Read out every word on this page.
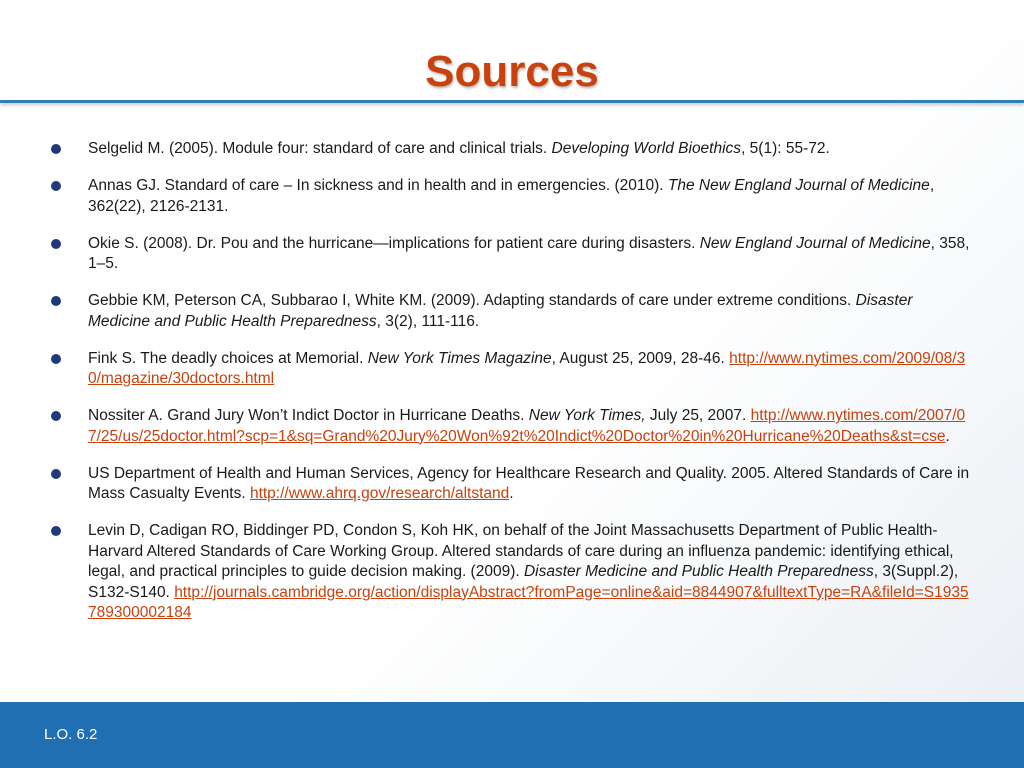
Sources
Selgelid M. (2005). Module four: standard of care and clinical trials. Developing World Bioethics, 5(1): 55-72.
Annas GJ. Standard of care – In sickness and in health and in emergencies. (2010). The New England Journal of Medicine, 362(22), 2126-2131.
Okie S. (2008). Dr. Pou and the hurricane—implications for patient care during disasters. New England Journal of Medicine, 358, 1–5.
Gebbie KM, Peterson CA, Subbarao I, White KM. (2009). Adapting standards of care under extreme conditions. Disaster Medicine and Public Health Preparedness, 3(2), 111-116.
Fink S. The deadly choices at Memorial. New York Times Magazine, August 25, 2009, 28-46. http://www.nytimes.com/2009/08/30/magazine/30doctors.html
Nossiter A. Grand Jury Won’t Indict Doctor in Hurricane Deaths. New York Times, July 25, 2007. http://www.nytimes.com/2007/07/25/us/25doctor.html?scp=1&sq=Grand%20Jury%20Won%92t%20Indict%20Doctor%20in%20Hurricane%20Deaths&st=cse.
US Department of Health and Human Services, Agency for Healthcare Research and Quality. 2005. Altered Standards of Care in Mass Casualty Events. http://www.ahrq.gov/research/altstand.
Levin D, Cadigan RO, Biddinger PD, Condon S, Koh HK, on behalf of the Joint Massachusetts Department of Public Health-Harvard Altered Standards of Care Working Group. Altered standards of care during an influenza pandemic: identifying ethical, legal, and practical principles to guide decision making. (2009). Disaster Medicine and Public Health Preparedness, 3(Suppl.2), S132-S140. http://journals.cambridge.org/action/displayAbstract?fromPage=online&aid=8844907&fulltextType=RA&fileId=S1935789300002184
L.O. 6.2
